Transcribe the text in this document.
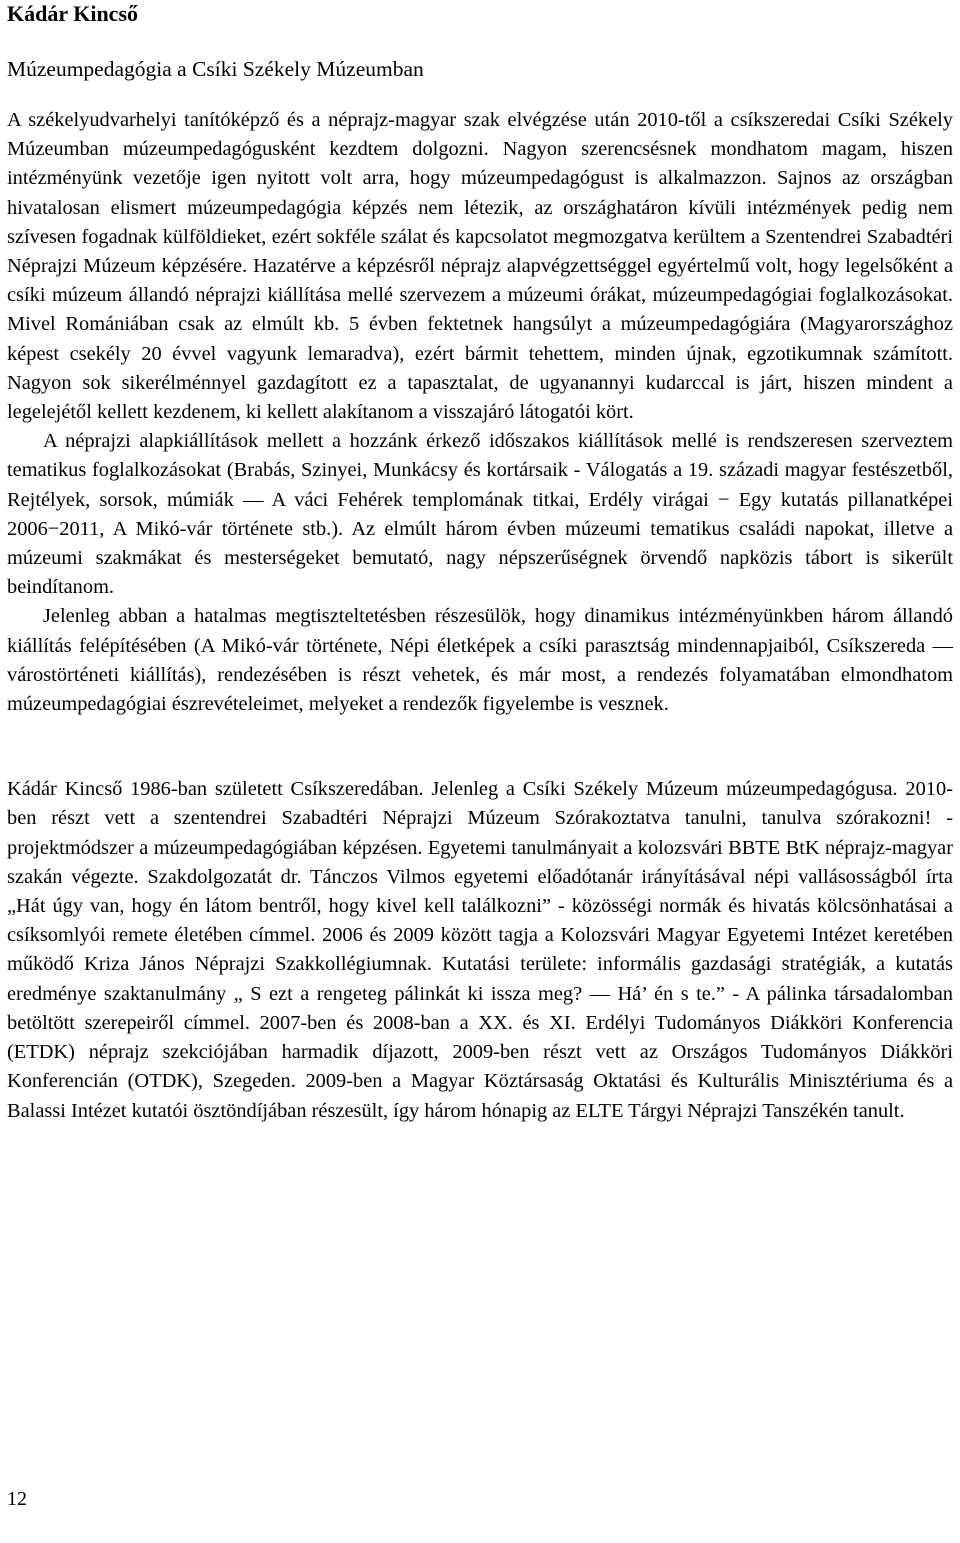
Kádár Kincső
Múzeumpedagógia a Csíki Székely Múzeumban

A székelyudvarhelyi tanítóképző és a néprajz-magyar szak elvégzése után 2010-től a csíkszeredai Csíki Székely Múzeumban múzeumpedagógusként kezdtem dolgozni. Nagyon szerencsésnek mondhatom magam, hiszen intézményünk vezetője igen nyitott volt arra, hogy múzeumpedagógust is alkalmazzon. Sajnos az országban hivatalosan elismert múzeumpedagógia képzés nem létezik, az országhatáron kívüli intézmények pedig nem szívesen fogadnak külföldieket, ezért sokféle szálat és kapcsolatot megmozgatva kerültem a Szentendrei Szabadtéri Néprajzi Múzeum képzésére. Hazatérve a képzésről néprajz alapvégzettséggel egyértelmű volt, hogy legelsőként a csíki múzeum állandó néprajzi kiállítása mellé szervezem a múzeumi órákat, múzeumpedagógiai foglalkozásokat. Mivel Romániában csak az elmúlt kb. 5 évben fektetnek hangsúlyt a múzeumpedagógiára (Magyarországhoz képest csekély 20 évvel vagyunk lemaradva), ezért bármit tehettem, minden újnak, egzotikumnak számított. Nagyon sok sikerélménnyel gazdagított ez a tapasztalat, de ugyanannyi kudarccal is járt, hiszen mindent a legelejétől kellett kezdenem, ki kellett alakítanom a visszajáró látogatói kört.

A néprajzi alapkiállítások mellett a hozzánk érkező időszakos kiállítások mellé is rendszeresen szerveztem tematikus foglalkozásokat (Brabás, Szinyei, Munkácsy és kortársaik - Válogatás a 19. századi magyar festészetből, Rejtélyek, sorsok, múmiák — A váci Fehérek templomának titkai, Erdély virágai − Egy kutatás pillanatképei 2006−2011, A Mikó-vár története stb.). Az elmúlt három évben múzeumi tematikus családi napokat, illetve a múzeumi szakmákat és mesterségeket bemutató, nagy népszerűségnek örvendő napközis tábort is sikerült beindítanom.

Jelenleg abban a hatalmas megtiszteltetésben részesülök, hogy dinamikus intézményünkben három állandó kiállítás felépítésében (A Mikó-vár története, Népi életképek a csíki parasztság mindennapjaiból, Csíkszereda — várostörténeti kiállítás), rendezésében is részt vehetek, és már most, a rendezés folyamatában elmondhatom múzeumpedagógiai észrevételeimet, melyeket a rendezők figyelembe is vesznek.

Kádár Kincső 1986-ban született Csíkszeredában. Jelenleg a Csíki Székely Múzeum múzeumpedagógusa. 2010-ben részt vett a szentendrei Szabadtéri Néprajzi Múzeum Szórakoztatva tanulni, tanulva szórakozni! - projektmódszer a múzeumpedagógiában képzésen. Egyetemi tanulmányait a kolozsvári BBTE BtK néprajz-magyar szakán végezte. Szakdolgozatát dr. Tánczos Vilmos egyetemi előadótanár irányításával népi vallásosságból írta „Hát úgy van, hogy én látom bentről, hogy kivel kell találkozni” - közösségi normák és hivatás kölcsönhatásai a csíksomlyói remete életében címmel. 2006 és 2009 között tagja a Kolozsvári Magyar Egyetemi Intézet keretében működő Kriza János Néprajzi Szakkollégiumnak. Kutatási területe: informális gazdasági stratégiák, a kutatás eredménye szaktanulmány „ S ezt a rengeteg pálinkát ki issza meg? — Há’ én s te.” - A pálinka társadalomban betöltött szerepeiről címmel. 2007-ben és 2008-ban a XX. és XI. Erdélyi Tudományos Diákköri Konferencia (ETDK) néprajz szekciójában harmadik díjazott, 2009-ben részt vett az Országos Tudományos Diákköri Konferencián (OTDK), Szegeden. 2009-ben a Magyar Köztársaság Oktatási és Kulturális Minisztériuma és a Balassi Intézet kutatói ösztöndíjában részesült, így három hónapig az ELTE Tárgyi Néprajzi Tanszékén tanult.

12
